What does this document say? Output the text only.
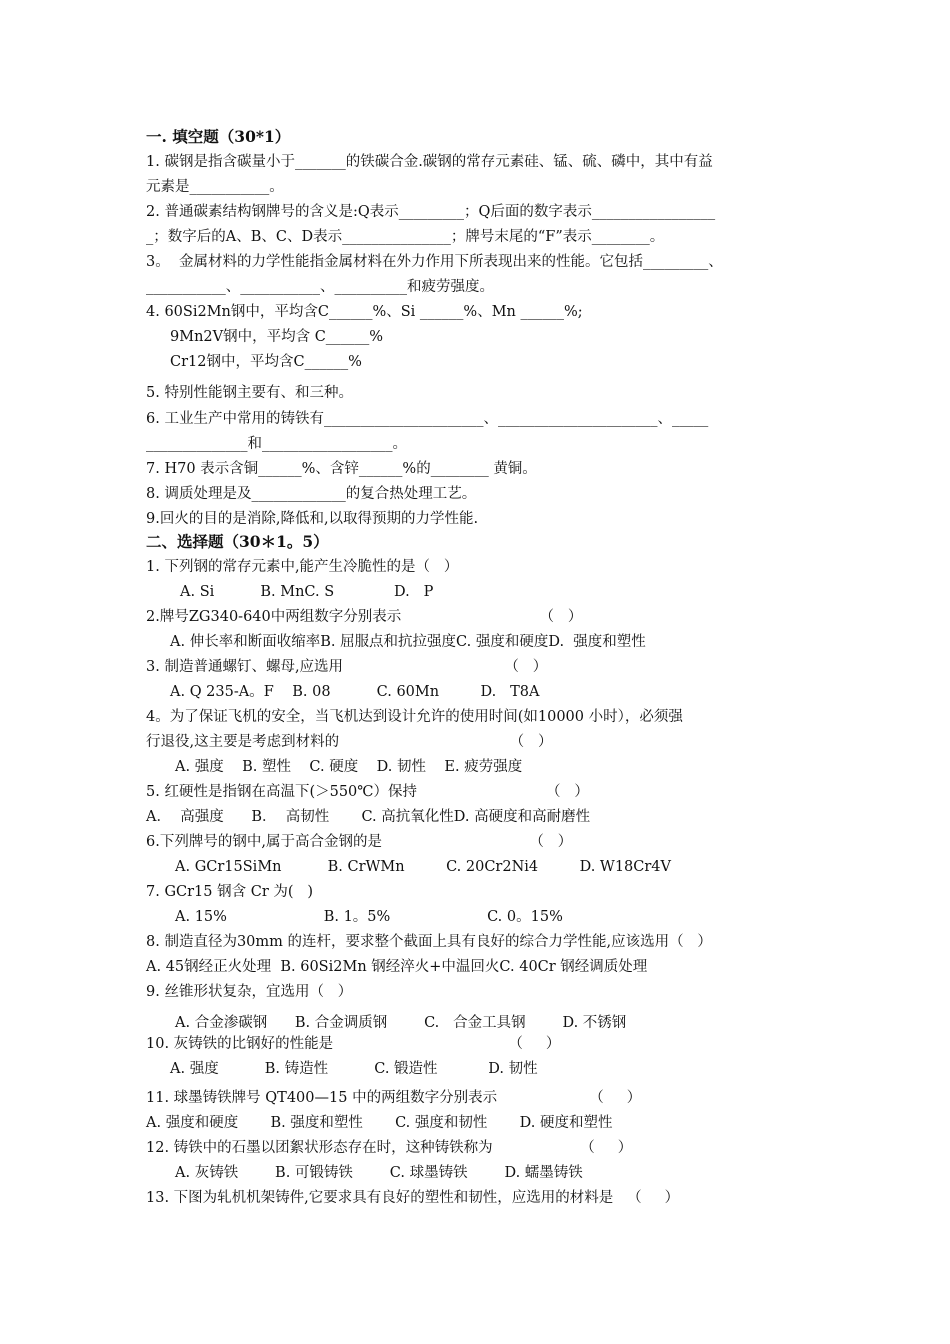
一. 填空题（30*1）
1. 碳钢是指含碳量小于_______的铁碳合金.碳钢的常存元素硅、锰、硫、磷中，其中有益
元素是___________。
2. 普通碳素结构钢牌号的含义是:Q表示_________；Q后面的数字表示_________________
_；数字后的A、B、C、D表示_______________；牌号末尾的“F”表示________。
3。  金属材料的力学性能指金属材料在外力作用下所表现出来的性能。它包括_________、
___________、___________、__________和疲劳强度。
4. 60Si2Mn钢中，平均含C______%、Si ______%、Mn ______%;
9Mn2V钢中，平均含 C______%
Cr12钢中，平均含C______%
5. 特别性能钢主要有、和三种。
6. 工业生产中常用的铸铁有______________________、______________________、_____
______________和__________________。
7. H70 表示含铜______%、含锌______%的________ 黄铜。
8. 调质处理是及_____________的复合热处理工艺。
9.回火的目的是消除,降低和,以取得预期的力学性能.
二、选择题（30＊1。5）
1. 下列钢的常存元素中,能产生冷脆性的是（   ）
A. Si          B. MnC. S             D.   P
2.牌号ZG340-640中两组数字分别表示                              （   ）
A. 伸长率和断面收缩率B. 屈服点和抗拉强度C. 强度和硬度D.  强度和塑性
3. 制造普通螺钉、螺母,应选用                                   （   ）
A. Q 235-A。F    B. 08          C. 60Mn         D.   T8A
4。为了保证飞机的安全，当飞机达到设计允许的使用时间(如10000 小时），必须强
行退役,这主要是考虑到材料的                                     （   ）
A. 强度    B. 塑性    C. 硬度    D. 韧性    E. 疲劳强度
5. 红硬性是指钢在高温下(＞550℃）保持                            （   ）
A．  高强度      B．  高韧性       C. 高抗氧化性D. 高硬度和高耐磨性
6.下列牌号的钢中,属于高合金钢的是                                （   ）
A. GCr15SiMn          B. CrWMn         C. 20Cr2Ni4         D. W18Cr4V
7. GCr15 钢含 Cr 为(   )
A. 15%                     B. 1。5%                     C. 0。15%
8. 制造直径为30mm 的连杆，要求整个截面上具有良好的综合力学性能,应该选用（   ）
A. 45钢经正火处理  B. 60Si2Mn 钢经淬火+中温回火C. 40Cr 钢经调质处理
9. 丝锥形状复杂，宜选用（   ）
A. 合金渗碳钢      B. 合金调质钢        C.   合金工具钢        D. 不锈钢
10. 灰铸铁的比钢好的性能是                                      （     ）
A. 强度          B. 铸造性          C. 锻造性           D. 韧性
11. 球墨铸铁牌号 QT400—15 中的两组数字分别表示                    （     ）
A. 强度和硬度       B. 强度和塑性       C. 强度和韧性       D. 硬度和塑性
12. 铸铁中的石墨以团絮状形态存在时，这种铸铁称为                   （     ）
A. 灰铸铁        B. 可锻铸铁        C. 球墨铸铁        D. 蠕墨铸铁
13. 下图为轧机机架铸件,它要求具有良好的塑性和韧性，应选用的材料是   （     ）
